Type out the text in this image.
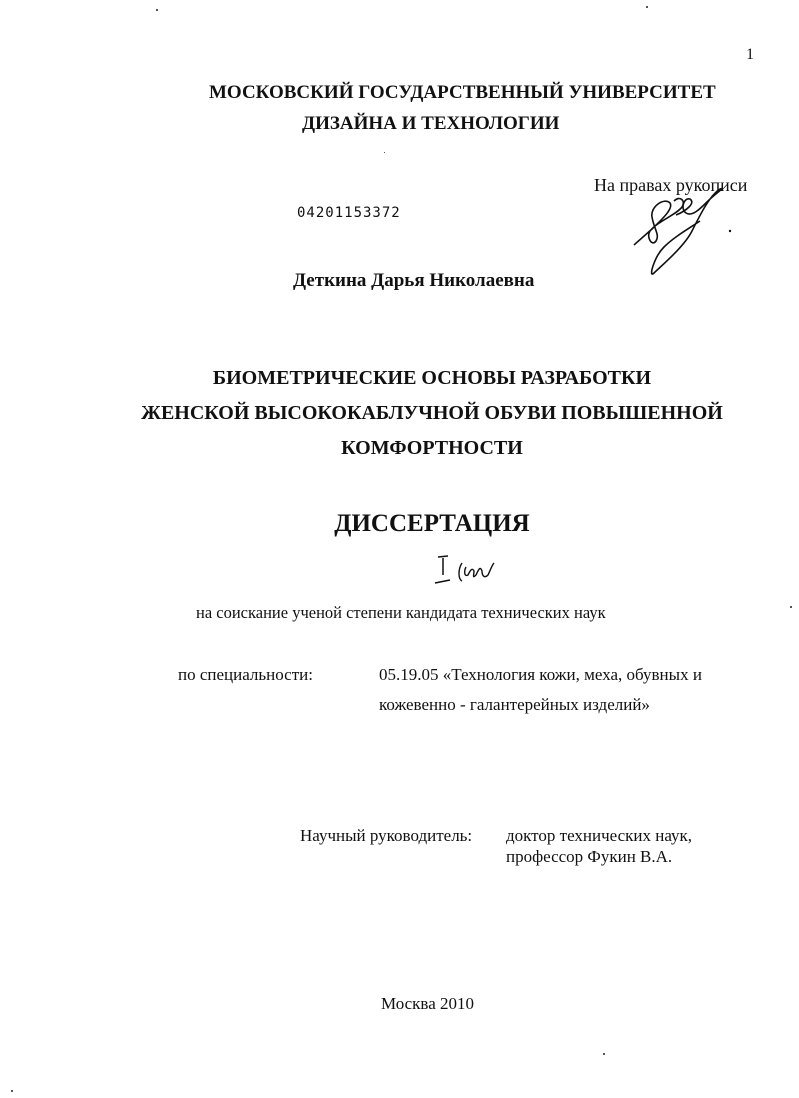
1
МОСКОВСКИЙ ГОСУДАРСТВЕННЫЙ УНИВЕРСИТЕТ
ДИЗАЙНА И ТЕХНОЛОГИИ
На правах рукописи
04201153372
Деткина Дарья Николаевна
БИОМЕТРИЧЕСКИЕ ОСНОВЫ РАЗРАБОТКИ
ЖЕНСКОЙ ВЫСОКОКАБЛУЧНОЙ ОБУВИ ПОВЫШЕННОЙ
КОМФОРТНОСТИ
ДИССЕРТАЦИЯ
на соискание ученой степени кандидата технических наук
по специальности:	05.19.05 «Технология кожи, меха, обувных и
кожевенно - галантерейных изделий»
Научный руководитель: доктор технических наук,
профессор Фукин В.А.
Москва 2010
